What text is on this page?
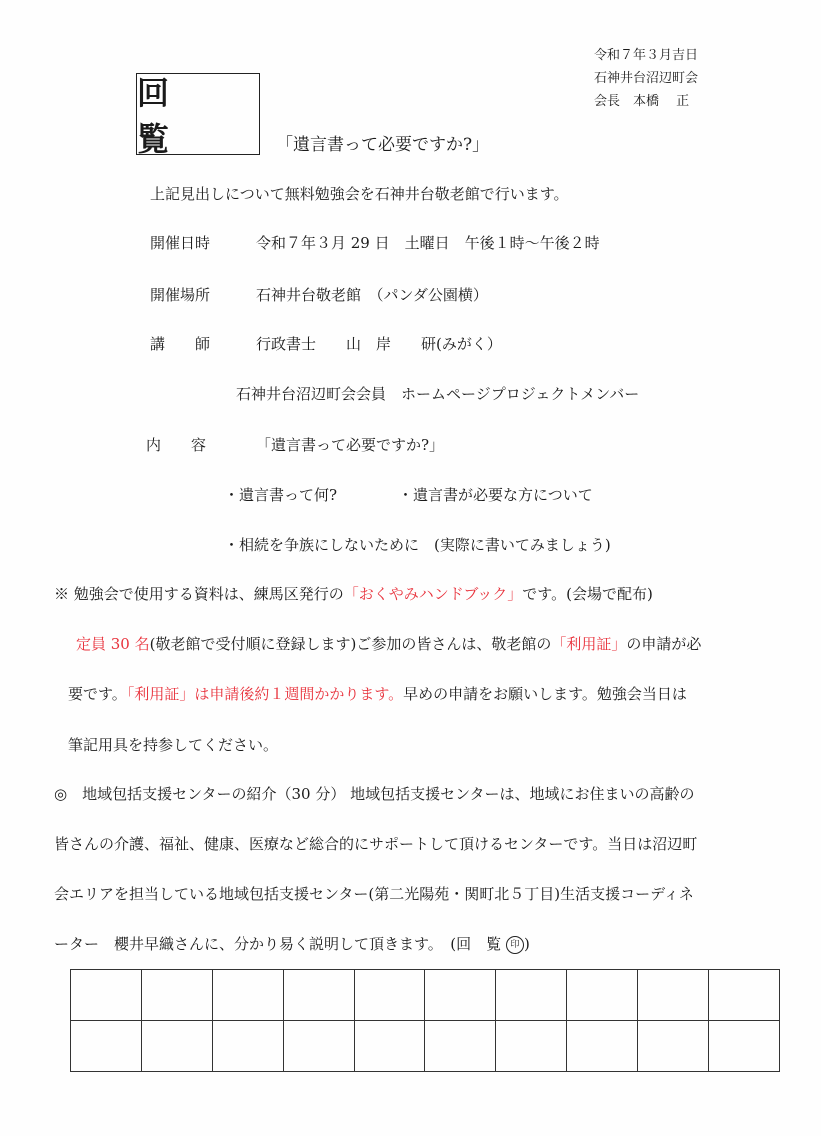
令和７年３月吉日
石神井台沼辺町会
会長　本橋　 正
回　覧	「遺言書って必要ですか?」
上記見出しについて無料勉強会を石神井台敬老館で行います。
開催日時	令和７年３月 29 日　土曜日　午後１時～午後２時
開催場所	石神井台敬老館　（パンダ公園横）
講　　師	行政書士　　山　岸　　研(みがく）
石神井台沼辺町会会員　ホームページプロジェクトメンバー
内　　容	「遺言書って必要ですか?」
・遺言書って何?	・遺言書が必要な方について
・相続を争族にしないために　(実際に書いてみましょう)
※ 勉強会で使用する資料は、練馬区発行の「おくやみハンドブック」です。(会場で配布)
定員 30 名(敬老館で受付順に登録します)ご参加の皆さんは、敬老館の「利用証」の申請が必
要です。「利用証」は申請後約１週間かかります。早めの申請をお願いします。勉強会当日は
筆記用具を持参してください。
◎　地域包括支援センターの紹介（30 分） 地域包括支援センターは、地域にお住まいの高齢の
皆さんの介護、福祉、健康、医療など総合的にサポートして頂けるセンターです。当日は沼辺町
会エリアを担当している地域包括支援センター(第二光陽苑・関町北５丁目)生活支援コーディネ
ーター　櫻井早織さんに、分かり易く説明して頂きます。　(回　覧 印 )
